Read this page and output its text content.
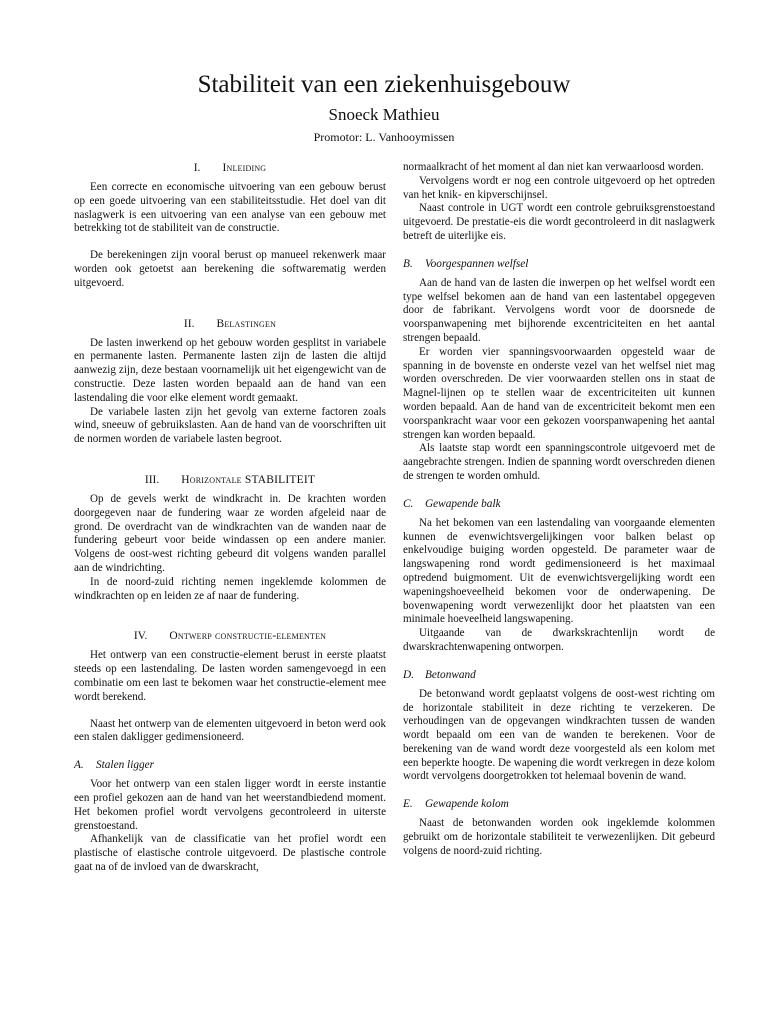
Stabiliteit van een ziekenhuisgebouw
Snoeck Mathieu
Promotor: L. Vanhooymissen
I. Inleiding

Een correcte en economische uitvoering van een gebouw berust op een goede uitvoering van een stabiliteitsstudie. Het doel van dit naslagwerk is een uitvoering van een analyse van een gebouw met betrekking tot de stabiliteit van de constructie.

De berekeningen zijn vooral berust op manueel rekenwerk maar worden ook getoetst aan berekening die softwarematig werden uitgevoerd.

II. Belastingen

De lasten inwerkend op het gebouw worden gesplitst in variabele en permanente lasten. Permanente lasten zijn de lasten die altijd aanwezig zijn, deze bestaan voornamelijk uit het eigengewicht van de constructie. Deze lasten worden bepaald aan de hand van een lastendaling die voor elke element wordt gemaakt.

De variabele lasten zijn het gevolg van externe factoren zoals wind, sneeuw of gebruikslasten. Aan de hand van de voorschriften uit de normen worden de variabele lasten begroot.

III. Horizontale STABILITEIT

Op de gevels werkt de windkracht in. De krachten worden doorgegeven naar de fundering waar ze worden afgeleid naar de grond. De overdracht van de windkrachten van de wanden naar de fundering gebeurt voor beide windassen op een andere manier. Volgens de oost-west richting gebeurd dit volgens wanden parallel aan de windrichting.

In de noord-zuid richting nemen ingeklemde kolommen de windkrachten op en leiden ze af naar de fundering.

IV. Ontwerp constructie-elementen

Het ontwerp van een constructie-element berust in eerste plaatst steeds op een lastendaling. De lasten worden samengevoegd in een combinatie om een last te bekomen waar het constructie-element mee wordt berekend.

Naast het ontwerp van de elementen uitgevoerd in beton werd ook een stalen dakligger gedimensioneerd.

A. Stalen ligger

Voor het ontwerp van een stalen ligger wordt in eerste instantie een profiel gekozen aan de hand van het weerstandbiedend moment. Het bekomen profiel wordt vervolgens gecontroleerd in uiterste grenstoestand.

Afhankelijk van de classificatie van het profiel wordt een plastische of elastische controle uitgevoerd. De plastische controle gaat na of de invloed van de dwarskracht,

normaalkracht of het moment al dan niet kan verwaarloosd worden.

Vervolgens wordt er nog een controle uitgevoerd op het optreden van het knik- en kipverschijnsel.

Naast controle in UGT wordt een controle gebruiksgrenstoestand uitgevoerd. De prestatie-eis die wordt gecontroleerd in dit naslagwerk betreft de uiterlijke eis.

B. Voorgespannen welfsel

Aan de hand van de lasten die inwerpen op het welfsel wordt een type welfsel bekomen aan de hand van een lastentabel opgegeven door de fabrikant. Vervolgens wordt voor de doorsnede de voorspanwapening met bijhorende excentriciteiten en het aantal strengen bepaald.

Er worden vier spanningsvoorwaarden opgesteld waar de spanning in de bovenste en onderste vezel van het welfsel niet mag worden overschreden. De vier voorwaarden stellen ons in staat de Magnel-lijnen op te stellen waar de excentriciteiten uit kunnen worden bepaald. Aan de hand van de excentriciteit bekomt men een voorspankracht waar voor een gekozen voorspanwapening het aantal strengen kan worden bepaald.

Als laatste stap wordt een spanningscontrole uitgevoerd met de aangebrachte strengen. Indien de spanning wordt overschreden dienen de strengen te worden omhuld.

C. Gewapende balk

Na het bekomen van een lastendaling van voorgaande elementen kunnen de evenwichtsvergelijkingen voor balken belast op enkelvoudige buiging worden opgesteld. De parameter waar de langswapening rond wordt gedimensioneerd is het maximaal optredend buigmoment. Uit de evenwichtsvergelijking wordt een wapeningshoeveelheid bekomen voor de onderwapening. De bovenwapening wordt verwezenlijkt door het plaatsten van een minimale hoeveelheid langswapening.

Uitgaande van de dwarkskrachtenlijn wordt de dwarskrachtenwapening ontworpen.

D. Betonwand

De betonwand wordt geplaatst volgens de oost-west richting om de horizontale stabiliteit in deze richting te verzekeren. De verhoudingen van de opgevangen windkrachten tussen de wanden wordt bepaald om een van de wanden te berekenen. Voor de berekening van de wand wordt deze voorgesteld als een kolom met een beperkte hoogte. De wapening die wordt verkregen in deze kolom wordt vervolgens doorgetrokken tot helemaal bovenin de wand.

E. Gewapende kolom

Naast de betonwanden worden ook ingeklemde kolommen gebruikt om de horizontale stabiliteit te verwezenlijken. Dit gebeurd volgens de noord-zuid richting.
